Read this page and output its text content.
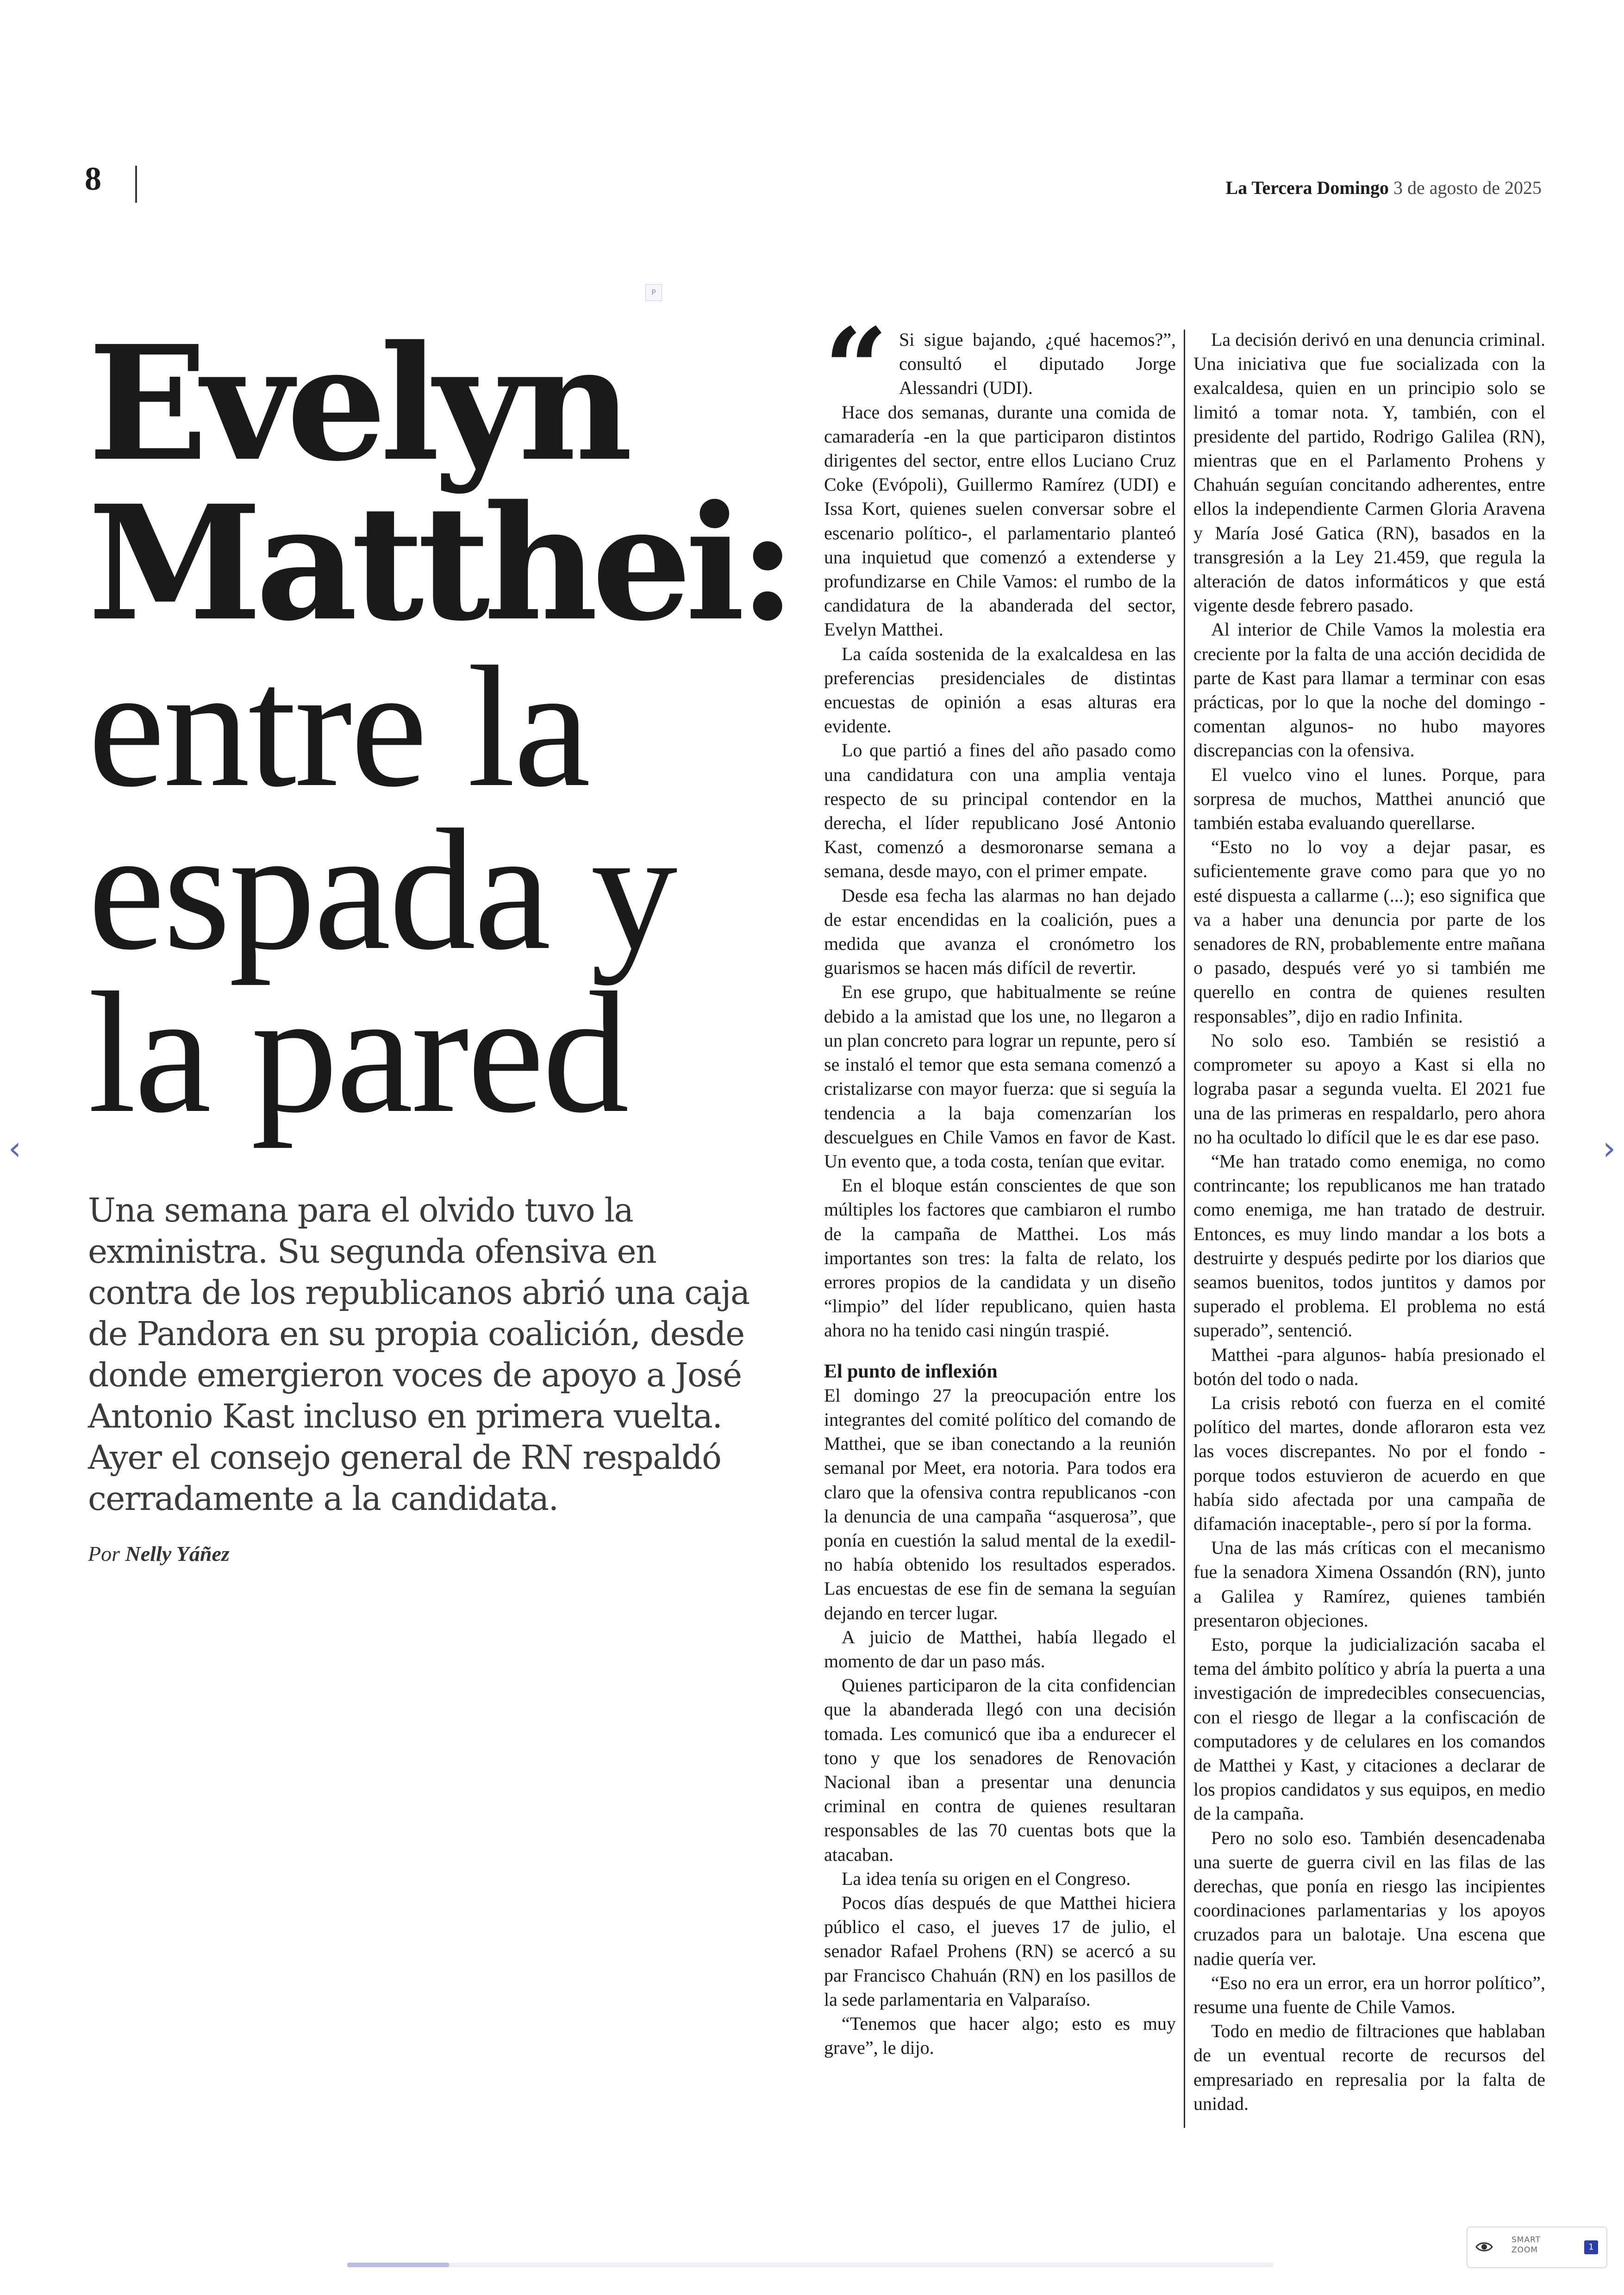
8	La Tercera Domingo 3 de agosto de 2025
P
Evelyn
Matthei:
entre la
espada y
la pared
Una semana para el olvido tuvo la exministra. Su segunda ofensiva en contra de los republicanos abrió una caja de Pandora en su propia coalición, desde donde emergieron voces de apoyo a José Antonio Kast incluso en primera vuelta. Ayer el consejo general de RN respaldó cerradamente a la candidata.
Por Nelly Yáñez
“ Si sigue bajando, ¿qué hacemos?”, consultó el diputado Jorge Alessandri (UDI).

Hace dos semanas, durante una comida de camaradería -en la que participaron distintos dirigentes del sector, entre ellos Luciano Cruz Coke (Evópoli), Guillermo Ramírez (UDI) e Issa Kort, quienes suelen conversar sobre el escenario político-, el parlamentario planteó una inquietud que comenzó a extenderse y profundizarse en Chile Vamos: el rumbo de la candidatura de la abanderada del sector, Evelyn Matthei.

La caída sostenida de la exalcaldesa en las preferencias presidenciales de distintas encuestas de opinión a esas alturas era evidente.

Lo que partió a fines del año pasado como una candidatura con una amplia ventaja respecto de su principal contendor en la derecha, el líder republicano José Antonio Kast, comenzó a desmoronarse semana a semana, desde mayo, con el primer empate.

Desde esa fecha las alarmas no han dejado de estar encendidas en la coalición, pues a medida que avanza el cronómetro los guarismos se hacen más difícil de revertir.

En ese grupo, que habitualmente se reúne debido a la amistad que los une, no llegaron a un plan concreto para lograr un repunte, pero sí se instaló el temor que esta semana comenzó a cristalizarse con mayor fuerza: que si seguía la tendencia a la baja comenzarían los descuelgues en Chile Vamos en favor de Kast. Un evento que, a toda costa, tenían que evitar.

En el bloque están conscientes de que son múltiples los factores que cambiaron el rumbo de la campaña de Matthei. Los más importantes son tres: la falta de relato, los errores propios de la candidata y un diseño “limpio” del líder republicano, quien hasta ahora no ha tenido casi ningún traspié.

El punto de inflexión

El domingo 27 la preocupación entre los integrantes del comité político del comando de Matthei, que se iban conectando a la reunión semanal por Meet, era notoria. Para todos era claro que la ofensiva contra republicanos -con la denuncia de una campaña “asquerosa”, que ponía en cuestión la salud mental de la exedil- no había obtenido los resultados esperados. Las encuestas de ese fin de semana la seguían dejando en tercer lugar.

A juicio de Matthei, había llegado el momento de dar un paso más.

Quienes participaron de la cita confidencian que la abanderada llegó con una decisión tomada. Les comunicó que iba a endurecer el tono y que los senadores de Renovación Nacional iban a presentar una denuncia criminal en contra de quienes resultaran responsables de las 70 cuentas bots que la atacaban.

La idea tenía su origen en el Congreso.

Pocos días después de que Matthei hiciera público el caso, el jueves 17 de julio, el senador Rafael Prohens (RN) se acercó a su par Francisco Chahuán (RN) en los pasillos de la sede parlamentaria en Valparaíso.

“Tenemos que hacer algo; esto es muy grave”, le dijo.

La decisión derivó en una denuncia criminal. Una iniciativa que fue socializada con la exalcaldesa, quien en un principio solo se limitó a tomar nota. Y, también, con el presidente del partido, Rodrigo Galilea (RN), mientras que en el Parlamento Prohens y Chahuán seguían concitando adherentes, entre ellos la independiente Carmen Gloria Aravena y María José Gatica (RN), basados en la transgresión a la Ley 21.459, que regula la alteración de datos informáticos y que está vigente desde febrero pasado.

Al interior de Chile Vamos la molestia era creciente por la falta de una acción decidida de parte de Kast para llamar a terminar con esas prácticas, por lo que la noche del domingo -comentan algunos- no hubo mayores discrepancias con la ofensiva.

El vuelco vino el lunes. Porque, para sorpresa de muchos, Matthei anunció que también estaba evaluando querellarse.

“Esto no lo voy a dejar pasar, es suficientemente grave como para que yo no esté dispuesta a callarme (...); eso significa que va a haber una denuncia por parte de los senadores de RN, probablemente entre mañana o pasado, después veré yo si también me querello en contra de quienes resulten responsables”, dijo en radio Infinita.

No solo eso. También se resistió a comprometer su apoyo a Kast si ella no lograba pasar a segunda vuelta. El 2021 fue una de las primeras en respaldarlo, pero ahora no ha ocultado lo difícil que le es dar ese paso.

“Me han tratado como enemiga, no como contrincante; los republicanos me han tratado como enemiga, me han tratado de destruir. Entonces, es muy lindo mandar a los bots a destruirte y después pedirte por los diarios que seamos buenitos, todos juntitos y damos por superado el problema. El problema no está superado”, sentenció.

Matthei -para algunos- había presionado el botón del todo o nada.

La crisis rebotó con fuerza en el comité político del martes, donde afloraron esta vez las voces discrepantes. No por el fondo -porque todos estuvieron de acuerdo en que había sido afectada por una campaña de difamación inaceptable-, pero sí por la forma.

Una de las más críticas con el mecanismo fue la senadora Ximena Ossandón (RN), junto a Galilea y Ramírez, quienes también presentaron objeciones.

Esto, porque la judicialización sacaba el tema del ámbito político y abría la puerta a una investigación de impredecibles consecuencias, con el riesgo de llegar a la confiscación de computadores y de celulares en los comandos de Matthei y Kast, y citaciones a declarar de los propios candidatos y sus equipos, en medio de la campaña.

Pero no solo eso. También desencadenaba una suerte de guerra civil en las filas de las derechas, que ponía en riesgo las incipientes coordinaciones parlamentarias y los apoyos cruzados para un balotaje. Una escena que nadie quería ver.

“Eso no era un error, era un horror político”, resume una fuente de Chile Vamos.

Todo en medio de filtraciones que hablaban de un eventual recorte de recursos del empresariado en represalia por la falta de unidad.

‹	›
SMART
ZOOM	1
